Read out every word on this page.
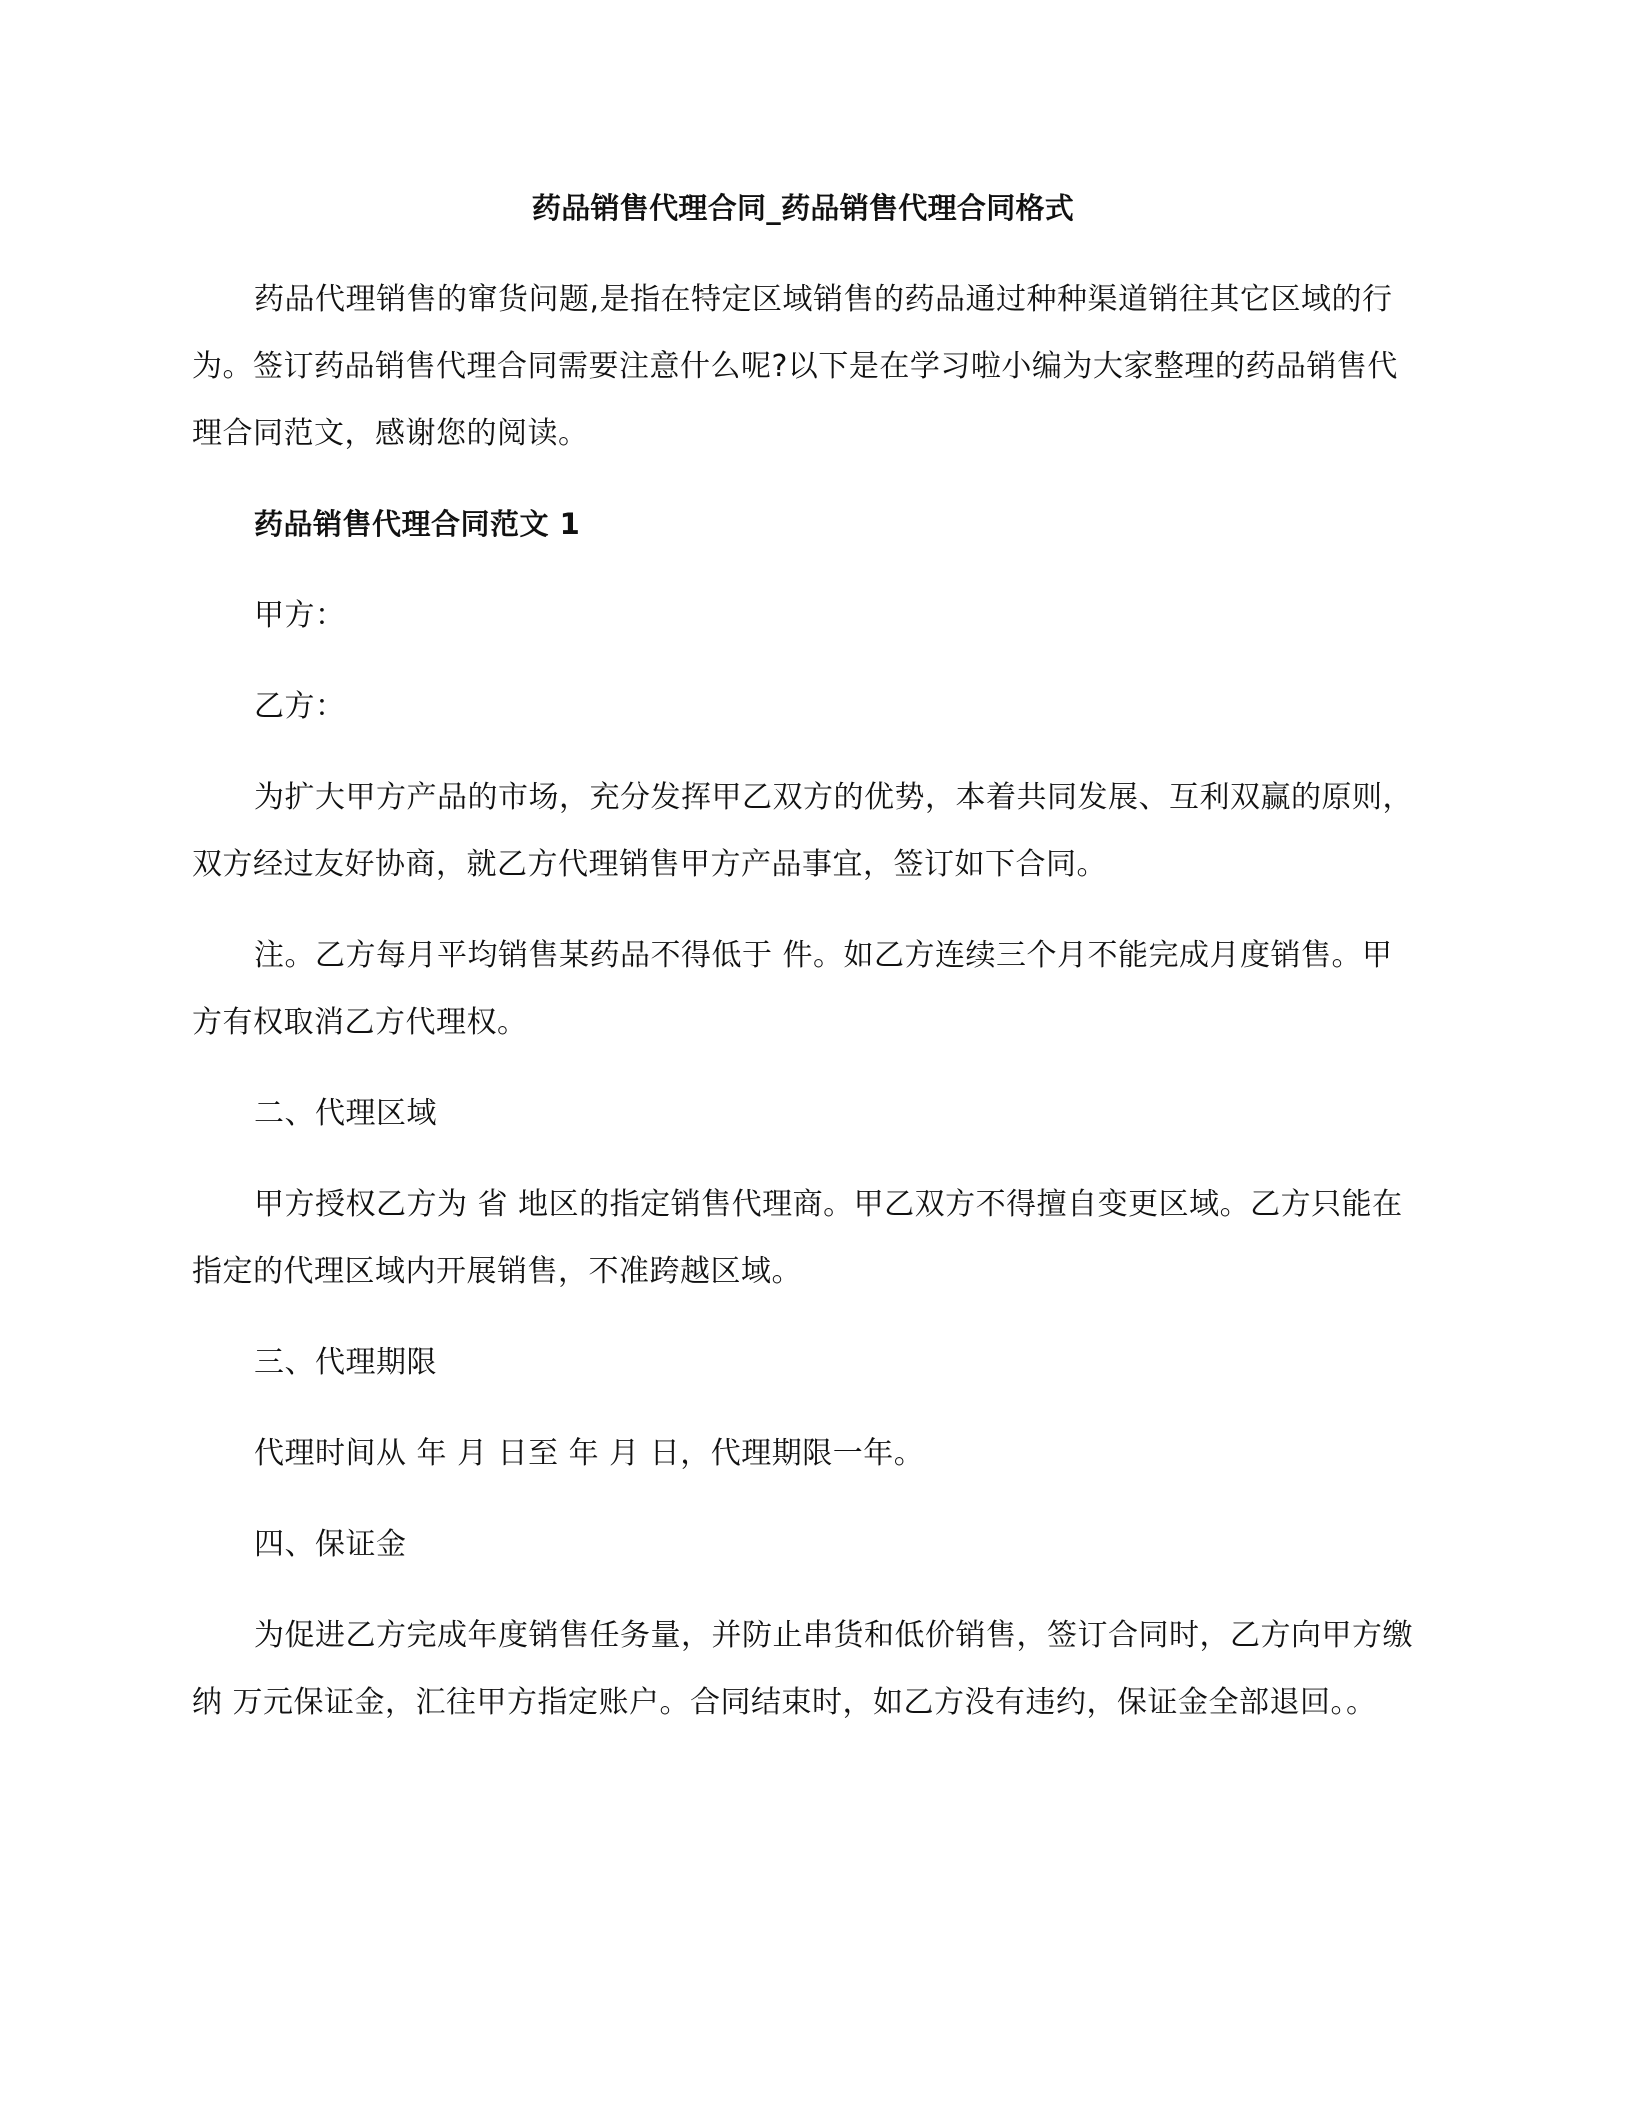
药品销售代理合同_药品销售代理合同格式

药品代理销售的窜货问题,是指在特定区域销售的药品通过种种渠道销往其它区域的行为。签订药品销售代理合同需要注意什么呢?以下是在学习啦小编为大家整理的药品销售代理合同范文，感谢您的阅读。

药品销售代理合同范文 1

甲方：

乙方：

为扩大甲方产品的市场，充分发挥甲乙双方的优势，本着共同发展、互利双赢的原则，双方经过友好协商，就乙方代理销售甲方产品事宜，签订如下合同。

注。乙方每月平均销售某药品不得低于 件。如乙方连续三个月不能完成月度销售。甲方有权取消乙方代理权。

二、代理区域

甲方授权乙方为 省 地区的指定销售代理商。甲乙双方不得擅自变更区域。乙方只能在指定的代理区域内开展销售，不准跨越区域。

三、代理期限

代理时间从 年 月 日至 年 月 日，代理期限一年。

四、保证金

为促进乙方完成年度销售任务量，并防止串货和低价销售，签订合同时，乙方向甲方缴纳 万元保证金，汇往甲方指定账户。合同结束时，如乙方没有违约，保证金全部退回。。
